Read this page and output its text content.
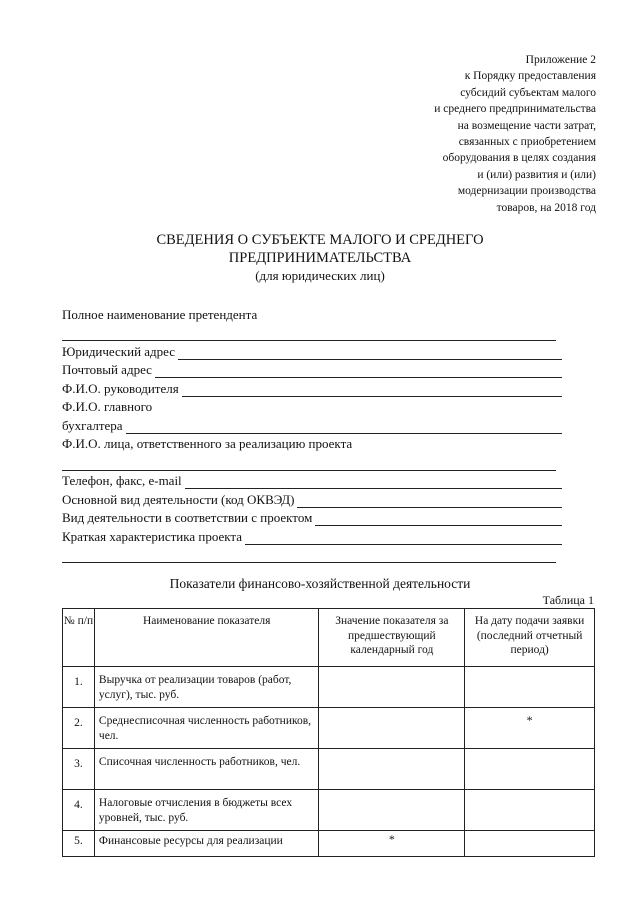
Приложение 2
к Порядку предоставления
субсидий субъектам малого
и среднего предпринимательства
на возмещение части затрат,
связанных с приобретением
оборудования в целях создания
и (или) развития и (или)
модернизации производства
товаров, на 2018 год
СВЕДЕНИЯ О СУБЪЕКТЕ МАЛОГО И СРЕДНЕГО
ПРЕДПРИНИМАТЕЛЬСТВА
(для юридических лиц)
Полное наименование претендента
Юридический адрес
Почтовый адрес
Ф.И.О. руководителя
Ф.И.О. главного
бухгалтера
Ф.И.О. лица, ответственного за реализацию проекта
Телефон, факс, e-mail
Основной вид деятельности (код ОКВЭД)
Вид деятельности в соответствии с проектом
Краткая характеристика проекта
Показатели финансово-хозяйственной деятельности
Таблица 1
№ п/п	Наименование показателя	Значение показателя за предшествующий календарный год	На дату подачи заявки (последний отчетный период)
1.	Выручка от реализации товаров (работ, услуг), тыс. руб.		
2.	Среднесписочная численность работников, чел.		*
3.	Списочная численность работников, чел.		
4.	Налоговые отчисления в бюджеты всех уровней, тыс. руб.		
5.	Финансовые ресурсы для реализации	*	
